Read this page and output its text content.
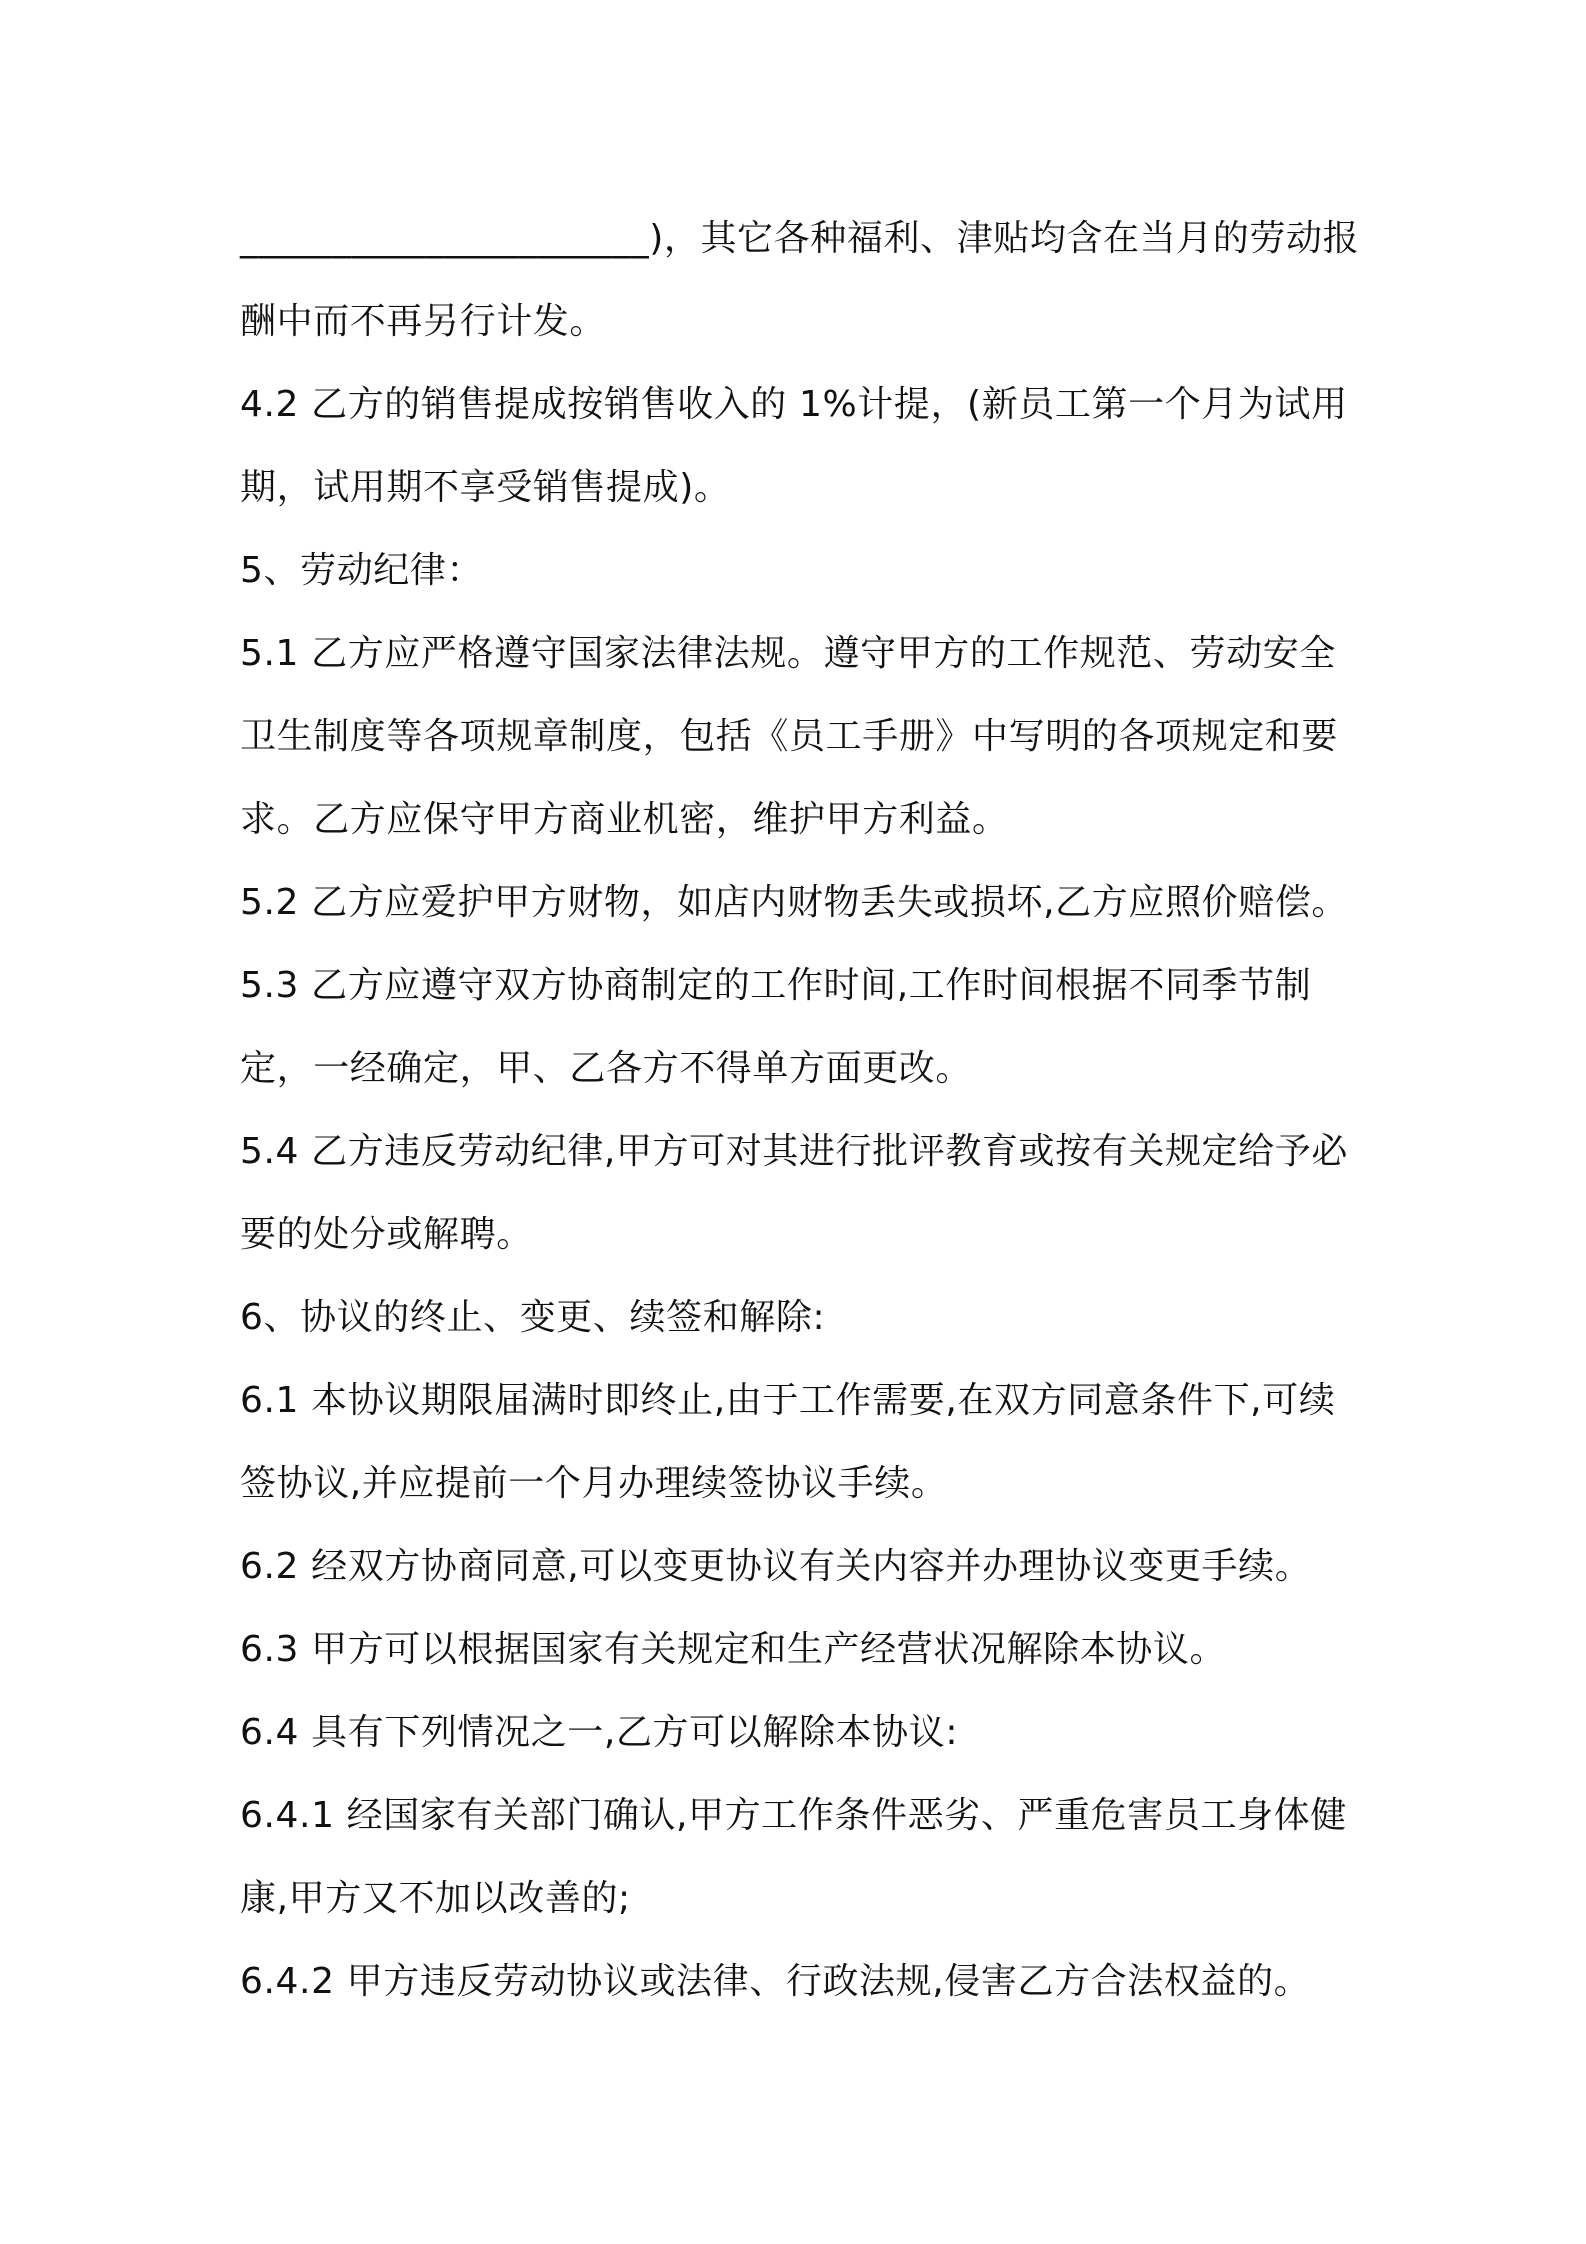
______________________)，其它各种福利、津贴均含在当月的劳动报酬中而不再另行计发。

4.2 乙方的销售提成按销售收入的 1%计提，(新员工第一个月为试用期，试用期不享受销售提成)。

5、劳动纪律：

5.1 乙方应严格遵守国家法律法规。遵守甲方的工作规范、劳动安全卫生制度等各项规章制度，包括《员工手册》中写明的各项规定和要求。乙方应保守甲方商业机密，维护甲方利益。

5.2 乙方应爱护甲方财物，如店内财物丢失或损坏,乙方应照价赔偿。

5.3 乙方应遵守双方协商制定的工作时间,工作时间根据不同季节制定，一经确定，甲、乙各方不得单方面更改。

5.4 乙方违反劳动纪律,甲方可对其进行批评教育或按有关规定给予必要的处分或解聘。

6、协议的终止、变更、续签和解除:

6.1 本协议期限届满时即终止,由于工作需要,在双方同意条件下,可续签协议,并应提前一个月办理续签协议手续。

6.2 经双方协商同意,可以变更协议有关内容并办理协议变更手续。

6.3 甲方可以根据国家有关规定和生产经营状况解除本协议。

6.4 具有下列情况之一,乙方可以解除本协议:

6.4.1 经国家有关部门确认,甲方工作条件恶劣、严重危害员工身体健康,甲方又不加以改善的;

6.4.2 甲方违反劳动协议或法律、行政法规,侵害乙方合法权益的。
